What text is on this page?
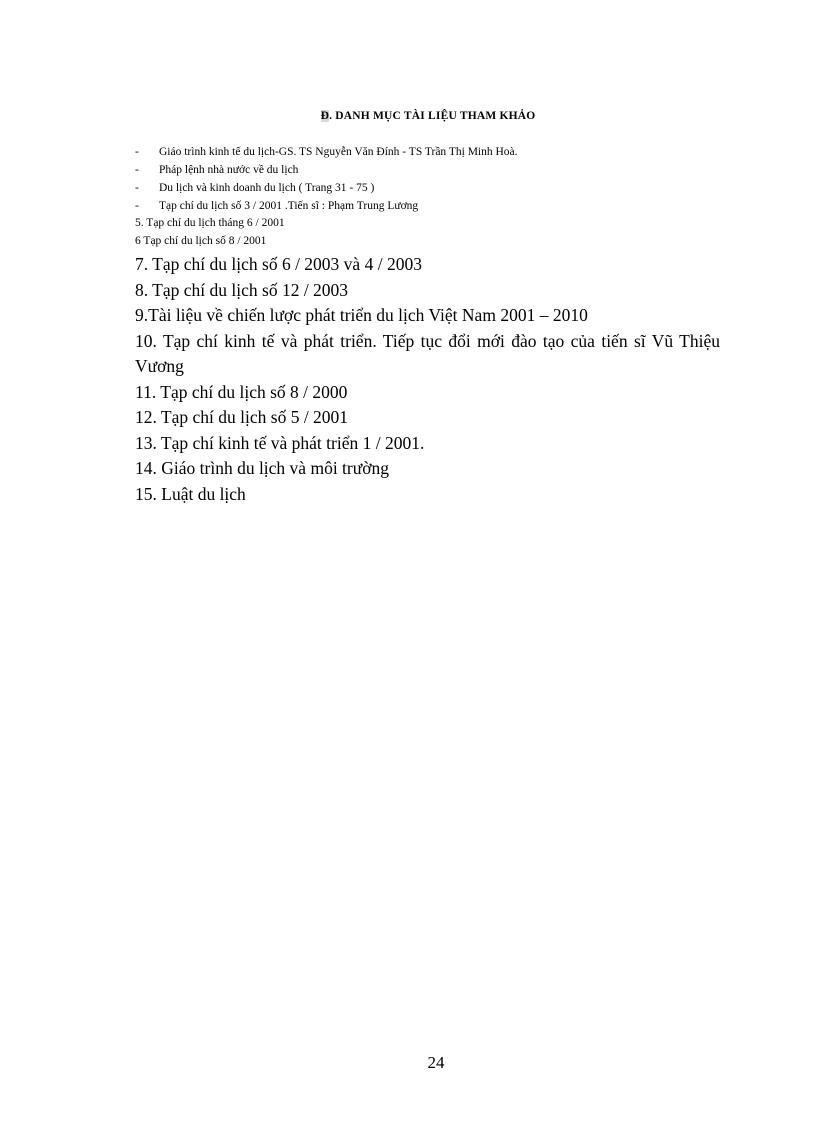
Đ. DANH MỤC TÀI LIỆU THAM KHẢO
- Giáo trình kinh tế du lịch-GS. TS Nguyễn Văn Đính - TS Trần Thị Minh Hoà.
- Pháp lệnh nhà nước về du lịch
- Du lịch và kinh doanh du lịch ( Trang 31 - 75 )
- Tạp chí du lịch số 3 / 2001 .Tiến sĩ : Phạm Trung Lương
5. Tạp chí du lịch tháng 6 / 2001
6 Tạp chí du lịch số 8 / 2001
7. Tạp chí du lịch số 6 / 2003 và 4 / 2003
8. Tạp chí du lịch số 12 / 2003
9.Tài liệu về chiến lược phát triển du lịch Việt Nam 2001 – 2010
10. Tạp chí kinh tế và phát triển. Tiếp tục đổi mới đào tạo của tiến sĩ Vũ Thiệu Vương
11. Tạp chí du lịch số 8 / 2000
12. Tạp chí du lịch số 5 / 2001
13. Tạp chí kinh tế và phát triển 1 / 2001.
14. Giáo trình du lịch và môi trường
15. Luật du lịch
24
